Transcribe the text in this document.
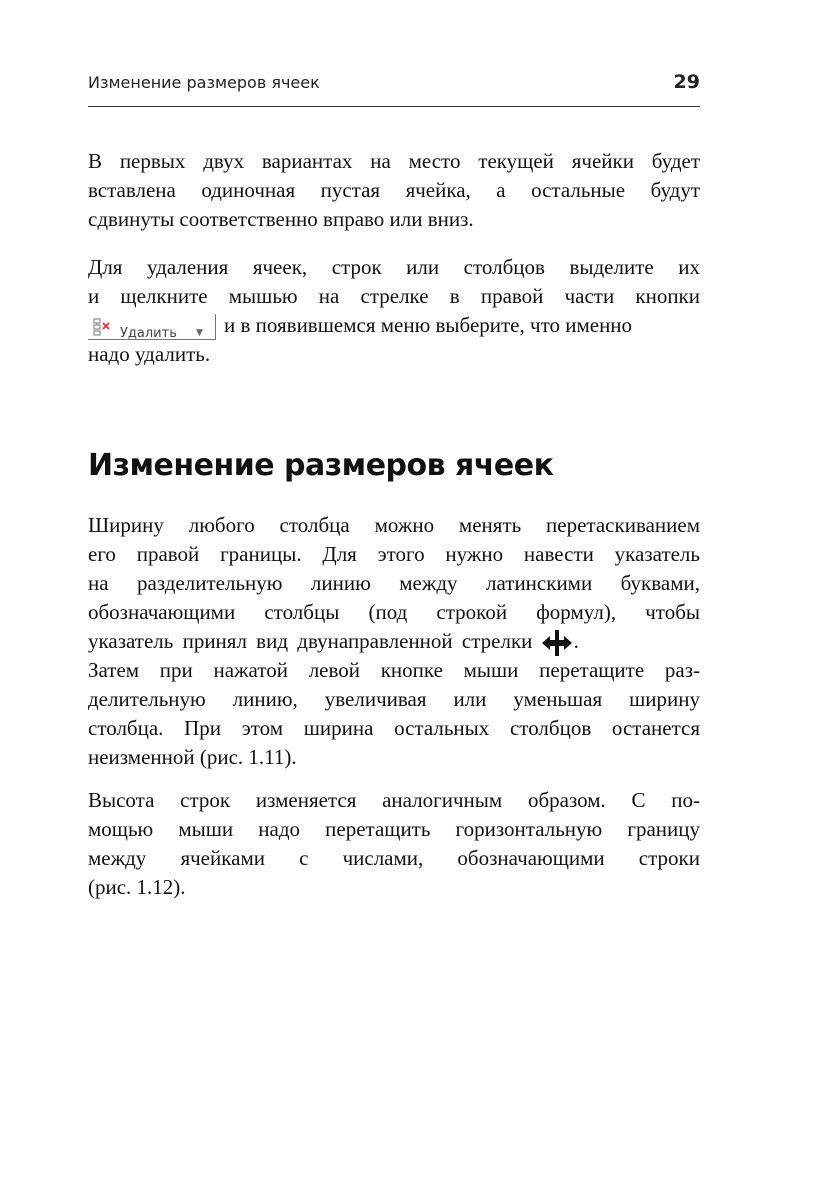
Изменение размеров ячеек	29
В первых двух вариантах на место текущей ячейки будет
вставлена одиночная пустая ячейка, а остальные будут
сдвинуты соответственно вправо или вниз.
Для удаления ячеек, строк или столбцов выделите их
и щелкните мышью на стрелке в правой части кнопки
Удалить ▼ и в появившемся меню выберите, что именно
надо удалить.
Изменение размеров ячеек
Ширину любого столбца можно менять перетаскиванием
его правой границы. Для этого нужно навести указатель
на разделительную линию между латинскими буквами,
обозначающими столбцы (под строкой формул), чтобы
указатель принял вид двунаправленной стрелки .
Затем при нажатой левой кнопке мыши перетащите раз-
делительную линию, увеличивая или уменьшая ширину
столбца. При этом ширина остальных столбцов останется
неизменной (рис. 1.11).
Высота строк изменяется аналогичным образом. С по-
мощью мыши надо перетащить горизонтальную границу
между ячейками с числами, обозначающими строки
(рис. 1.12).
